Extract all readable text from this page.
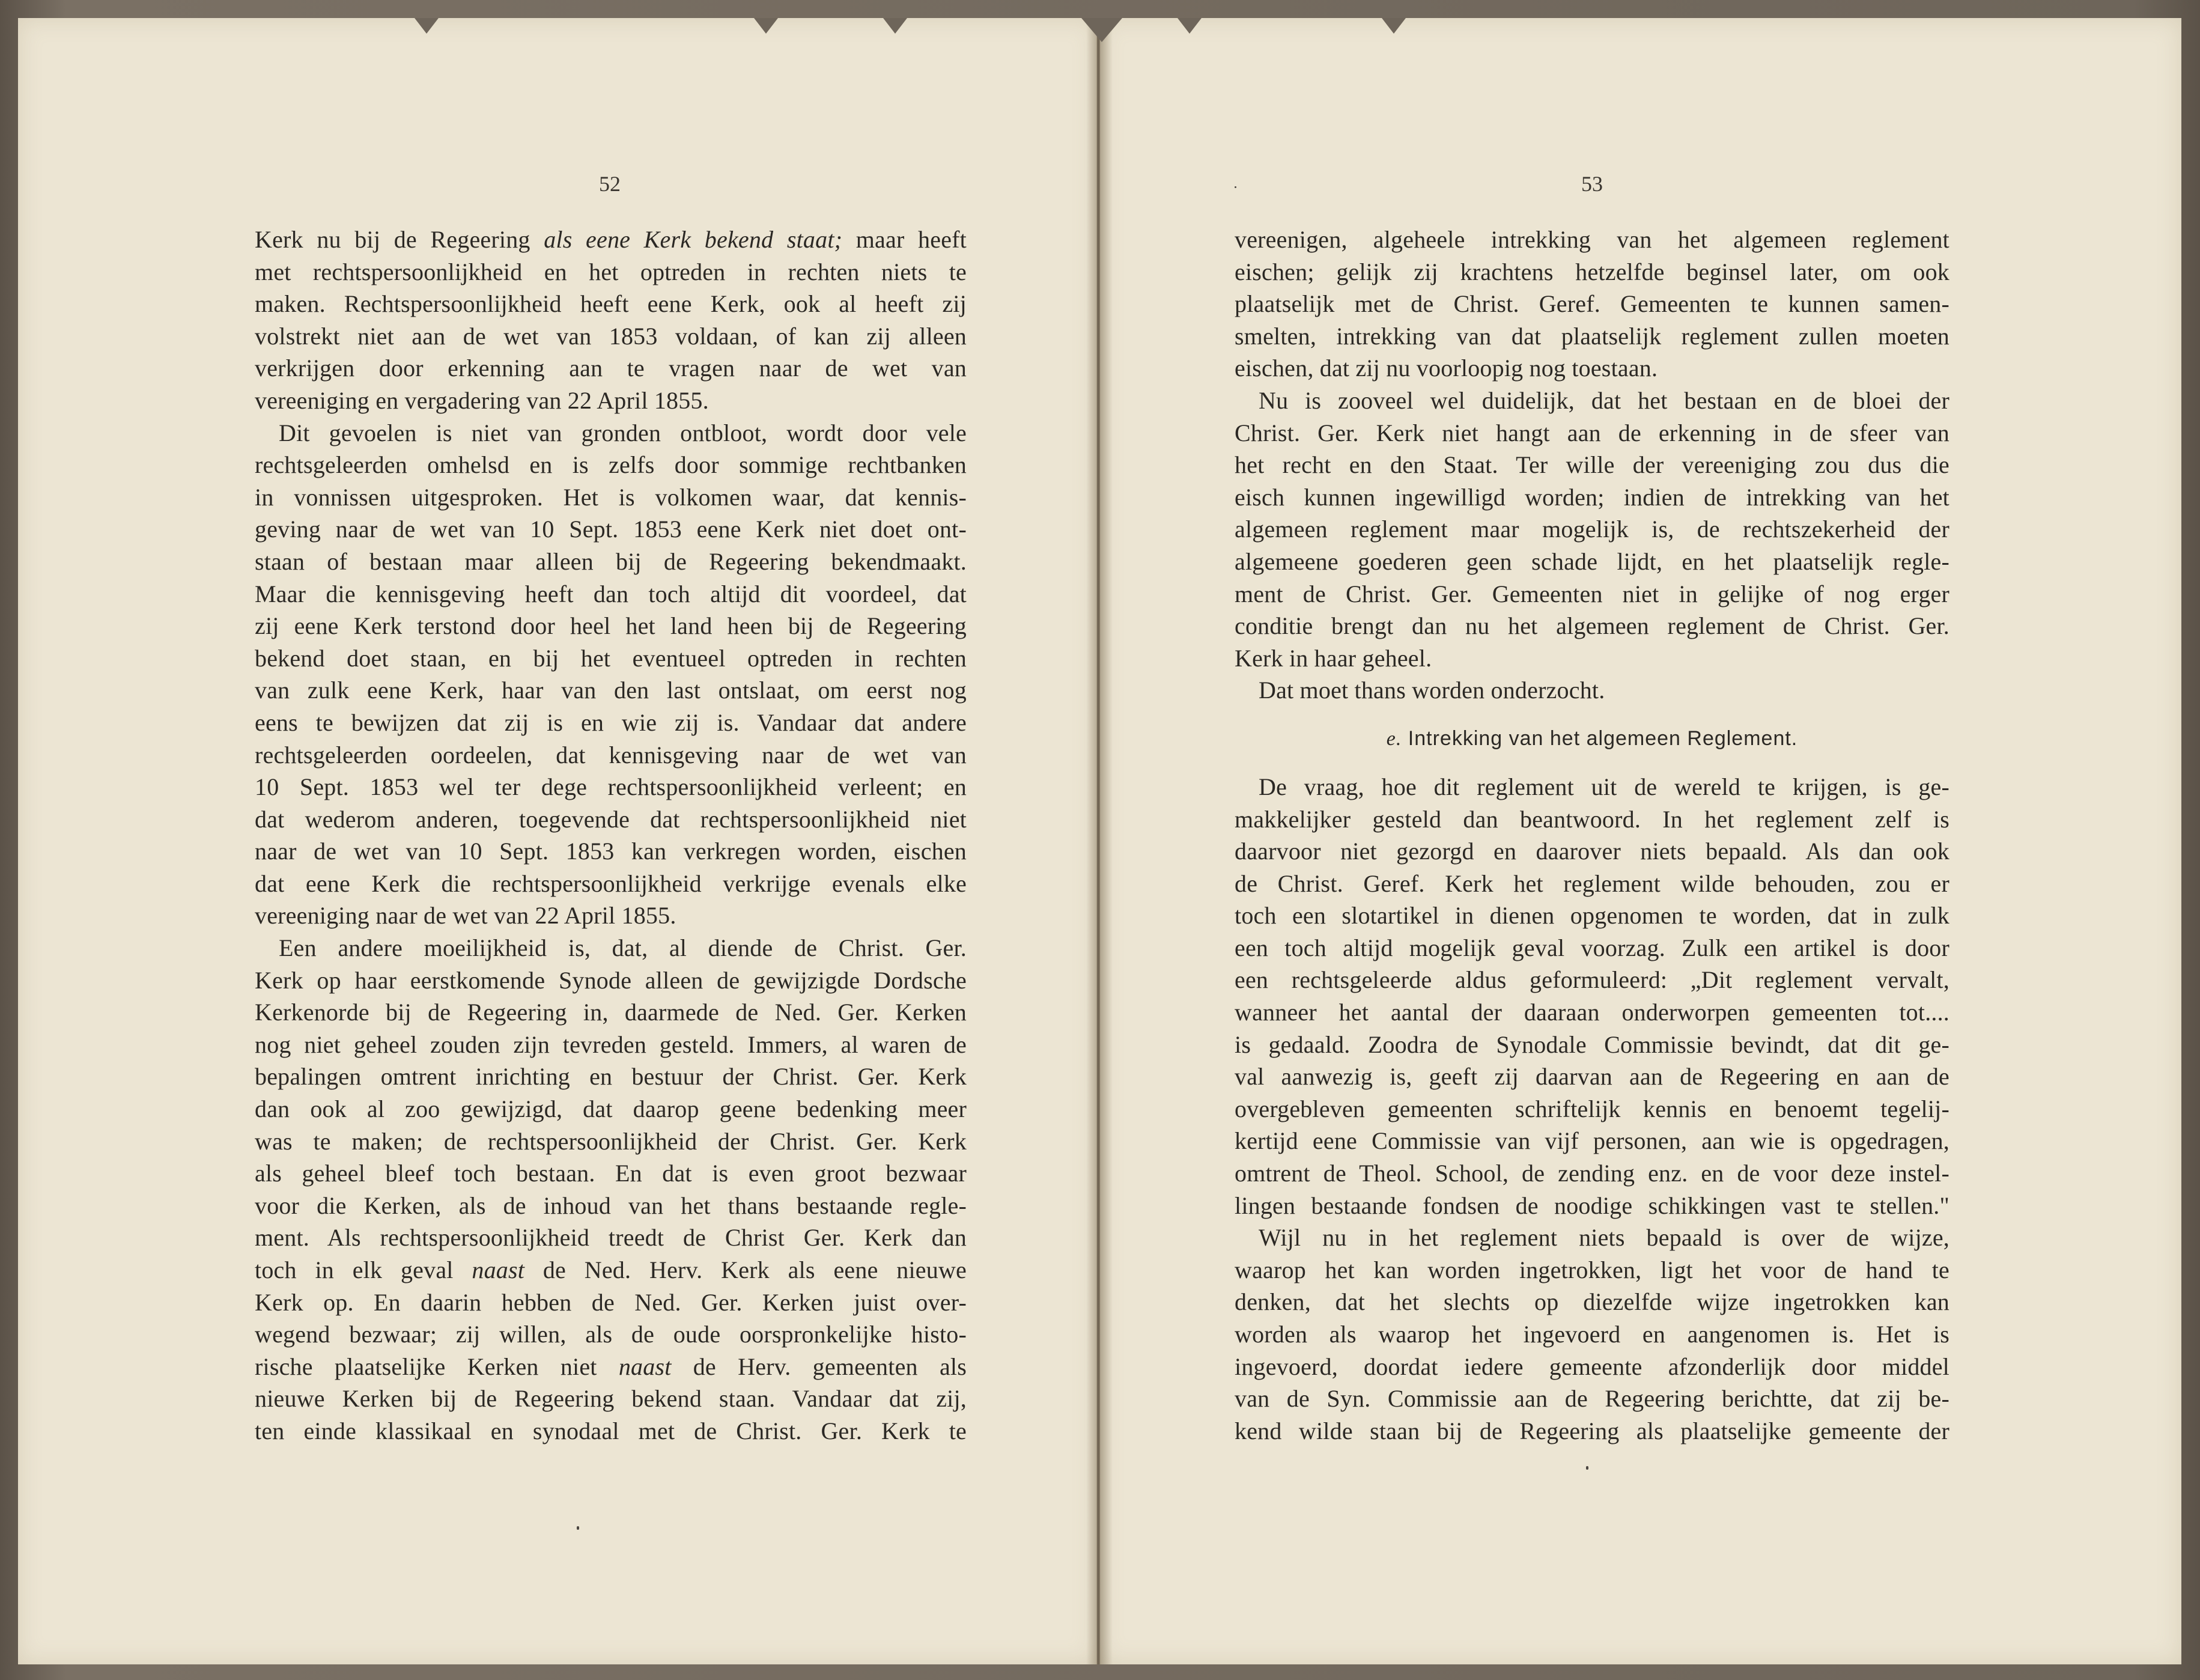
52	53
Kerk nu bij de Regeering als eene Kerk bekend staat; maar heeft
met rechtspersoonlijkheid en het optreden in rechten niets te
maken. Rechtspersoonlijkheid heeft eene Kerk, ook al heeft zij
volstrekt niet aan de wet van 1853 voldaan, of kan zij alleen
verkrijgen door erkenning aan te vragen naar de wet van
vereeniging en vergadering van 22 April 1855.
Dit gevoelen is niet van gronden ontbloot, wordt door vele
rechtsgeleerden omhelsd en is zelfs door sommige rechtbanken
in vonnissen uitgesproken. Het is volkomen waar, dat kennis-
geving naar de wet van 10 Sept. 1853 eene Kerk niet doet ont-
staan of bestaan maar alleen bij de Regeering bekendmaakt.
Maar die kennisgeving heeft dan toch altijd dit voordeel, dat
zij eene Kerk terstond door heel het land heen bij de Regeering
bekend doet staan, en bij het eventueel optreden in rechten
van zulk eene Kerk, haar van den last ontslaat, om eerst nog
eens te bewijzen dat zij is en wie zij is. Vandaar dat andere
rechtsgeleerden oordeelen, dat kennisgeving naar de wet van
10 Sept. 1853 wel ter dege rechtspersoonlijkheid verleent; en
dat wederom anderen, toegevende dat rechtspersoonlijkheid niet
naar de wet van 10 Sept. 1853 kan verkregen worden, eischen
dat eene Kerk die rechtspersoonlijkheid verkrijge evenals elke
vereeniging naar de wet van 22 April 1855.
Een andere moeilijkheid is, dat, al diende de Christ. Ger.
Kerk op haar eerstkomende Synode alleen de gewijzigde Dordsche
Kerkenorde bij de Regeering in, daarmede de Ned. Ger. Kerken
nog niet geheel zouden zijn tevreden gesteld. Immers, al waren de
bepalingen omtrent inrichting en bestuur der Christ. Ger. Kerk
dan ook al zoo gewijzigd, dat daarop geene bedenking meer
was te maken; de rechtspersoonlijkheid der Christ. Ger. Kerk
als geheel bleef toch bestaan. En dat is even groot bezwaar
voor die Kerken, als de inhoud van het thans bestaande regle-
ment. Als rechtspersoonlijkheid treedt de Christ Ger. Kerk dan
toch in elk geval naast de Ned. Herv. Kerk als eene nieuwe
Kerk op. En daarin hebben de Ned. Ger. Kerken juist over-
wegend bezwaar; zij willen, als de oude oorspronkelijke histo-
rische plaatselijke Kerken niet naast de Herv. gemeenten als
nieuwe Kerken bij de Regeering bekend staan. Vandaar dat zij,
ten einde klassikaal en synodaal met de Christ. Ger. Kerk te
vereenigen, algeheele intrekking van het algemeen reglement
eischen; gelijk zij krachtens hetzelfde beginsel later, om ook
plaatselijk met de Christ. Geref. Gemeenten te kunnen samen-
smelten, intrekking van dat plaatselijk reglement zullen moeten
eischen, dat zij nu voorloopig nog toestaan.
Nu is zooveel wel duidelijk, dat het bestaan en de bloei der
Christ. Ger. Kerk niet hangt aan de erkenning in de sfeer van
het recht en den Staat. Ter wille der vereeniging zou dus die
eisch kunnen ingewilligd worden; indien de intrekking van het
algemeen reglement maar mogelijk is, de rechtszekerheid der
algemeene goederen geen schade lijdt, en het plaatselijk regle-
ment de Christ. Ger. Gemeenten niet in gelijke of nog erger
conditie brengt dan nu het algemeen reglement de Christ. Ger.
Kerk in haar geheel.
Dat moet thans worden onderzocht.
e. Intrekking van het algemeen Reglement.
De vraag, hoe dit reglement uit de wereld te krijgen, is ge-
makkelijker gesteld dan beantwoord. In het reglement zelf is
daarvoor niet gezorgd en daarover niets bepaald. Als dan ook
de Christ. Geref. Kerk het reglement wilde behouden, zou er
toch een slotartikel in dienen opgenomen te worden, dat in zulk
een toch altijd mogelijk geval voorzag. Zulk een artikel is door
een rechtsgeleerde aldus geformuleerd: „Dit reglement vervalt,
wanneer het aantal der daaraan onderworpen gemeenten tot....
is gedaald. Zoodra de Synodale Commissie bevindt, dat dit ge-
val aanwezig is, geeft zij daarvan aan de Regeering en aan de
overgebleven gemeenten schriftelijk kennis en benoemt tegelij-
kertijd eene Commissie van vijf personen, aan wie is opgedragen,
omtrent de Theol. School, de zending enz. en de voor deze instel-
lingen bestaande fondsen de noodige schikkingen vast te stellen."
Wijl nu in het reglement niets bepaald is over de wijze,
waarop het kan worden ingetrokken, ligt het voor de hand te
denken, dat het slechts op diezelfde wijze ingetrokken kan
worden als waarop het ingevoerd en aangenomen is. Het is
ingevoerd, doordat iedere gemeente afzonderlijk door middel
van de Syn. Commissie aan de Regeering berichtte, dat zij be-
kend wilde staan bij de Regeering als plaatselijke gemeente der
